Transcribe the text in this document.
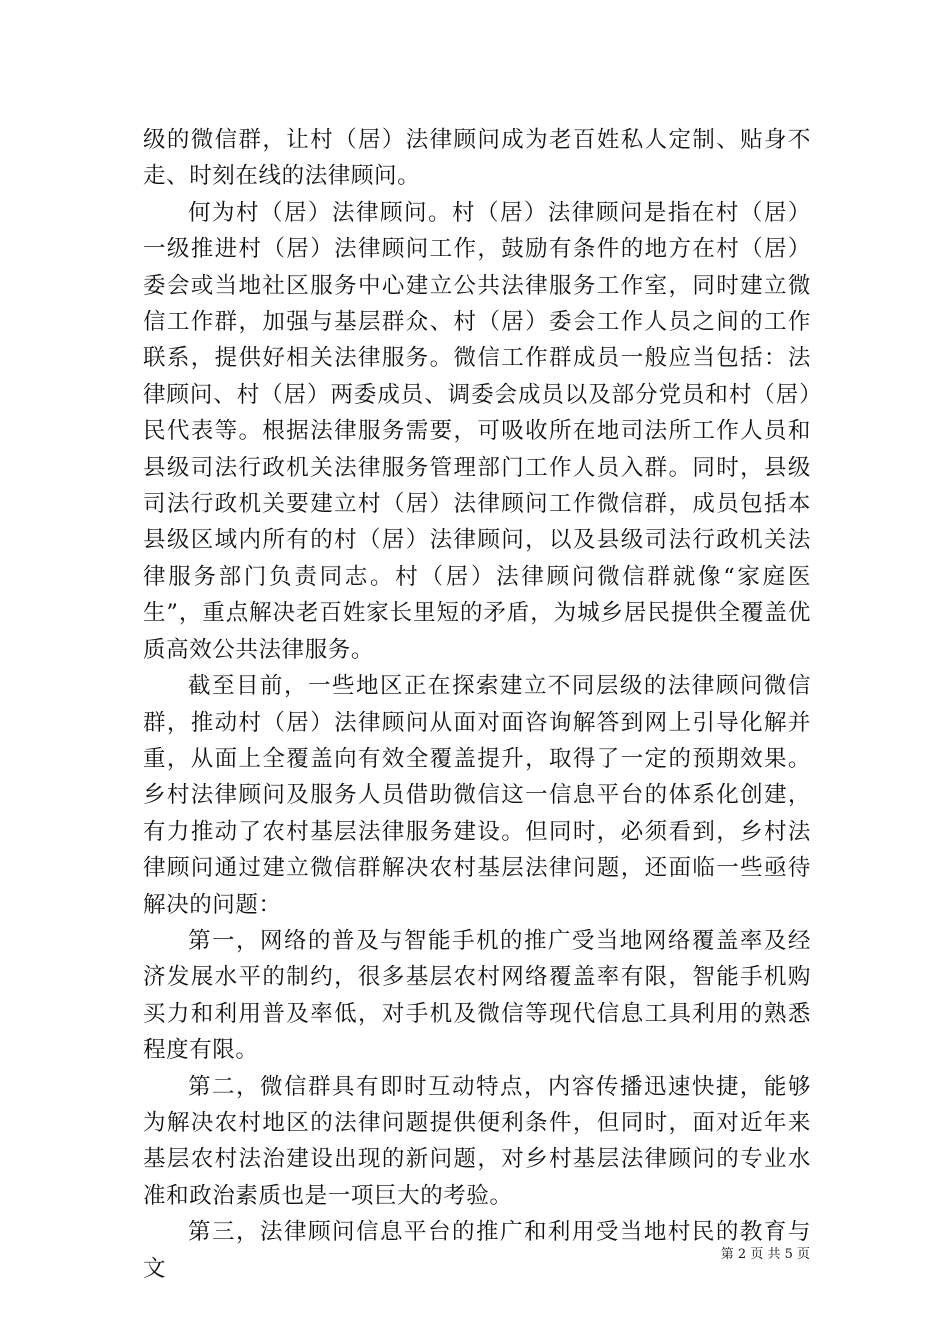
级的微信群，让村（居）法律顾问成为老百姓私人定制、贴身不走、时刻在线的法律顾问。

何为村（居）法律顾问。村（居）法律顾问是指在村（居）一级推进村（居）法律顾问工作，鼓励有条件的地方在村（居）委会或当地社区服务中心建立公共法律服务工作室，同时建立微信工作群，加强与基层群众、村（居）委会工作人员之间的工作联系，提供好相关法律服务。微信工作群成员一般应当包括：法律顾问、村（居）两委成员、调委会成员以及部分党员和村（居）民代表等。根据法律服务需要，可吸收所在地司法所工作人员和县级司法行政机关法律服务管理部门工作人员入群。同时，县级司法行政机关要建立村（居）法律顾问工作微信群，成员包括本县级区域内所有的村（居）法律顾问，以及县级司法行政机关法律服务部门负责同志。村（居）法律顾问微信群就像“家庭医生”，重点解决老百姓家长里短的矛盾，为城乡居民提供全覆盖优质高效公共法律服务。

截至目前，一些地区正在探索建立不同层级的法律顾问微信群，推动村（居）法律顾问从面对面咨询解答到网上引导化解并重，从面上全覆盖向有效全覆盖提升，取得了一定的预期效果。乡村法律顾问及服务人员借助微信这一信息平台的体系化创建，有力推动了农村基层法律服务建设。但同时，必须看到，乡村法律顾问通过建立微信群解决农村基层法律问题，还面临一些亟待解决的问题：

第一，网络的普及与智能手机的推广受当地网络覆盖率及经济发展水平的制约，很多基层农村网络覆盖率有限，智能手机购买力和利用普及率低，对手机及微信等现代信息工具利用的熟悉程度有限。

第二，微信群具有即时互动特点，内容传播迅速快捷，能够为解决农村地区的法律问题提供便利条件，但同时，面对近年来基层农村法治建设出现的新问题，对乡村基层法律顾问的专业水准和政治素质也是一项巨大的考验。

第三，法律顾问信息平台的推广和利用受当地村民的教育与文

第 2 页 共 5 页
